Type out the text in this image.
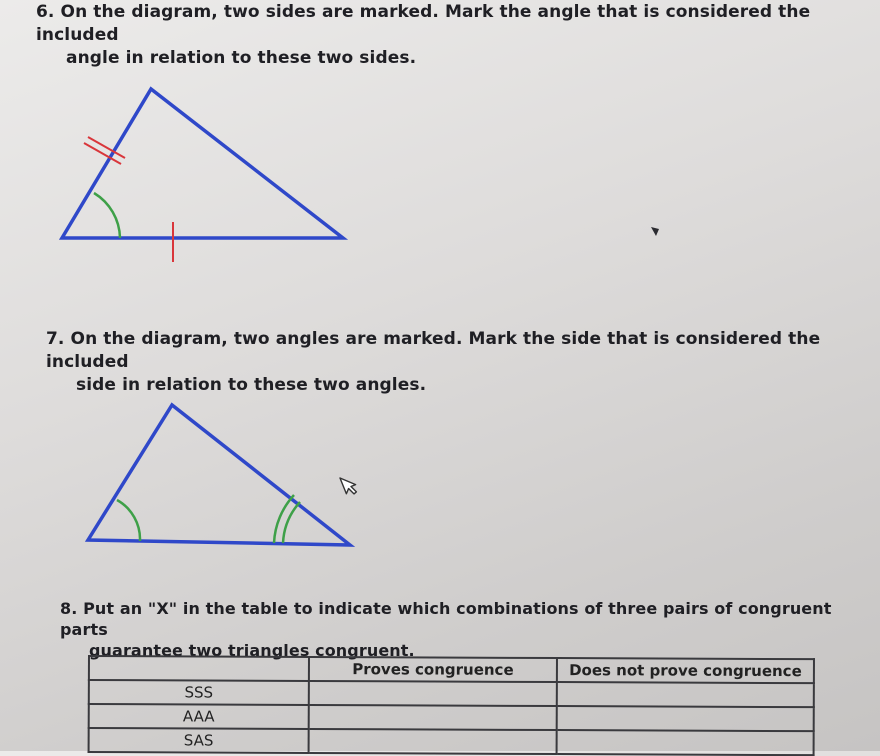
6. On the diagram, two sides are marked. Mark the angle that is considered the included
angle in relation to these two sides.
7. On the diagram, two angles are marked. Mark the side that is considered the included
side in relation to these two angles.
8. Put an "X" in the table to indicate which combinations of three pairs of congruent parts
guarantee two triangles congruent.
	Proves congruence	Does not prove congruence
SSS		
AAA		
SAS		
